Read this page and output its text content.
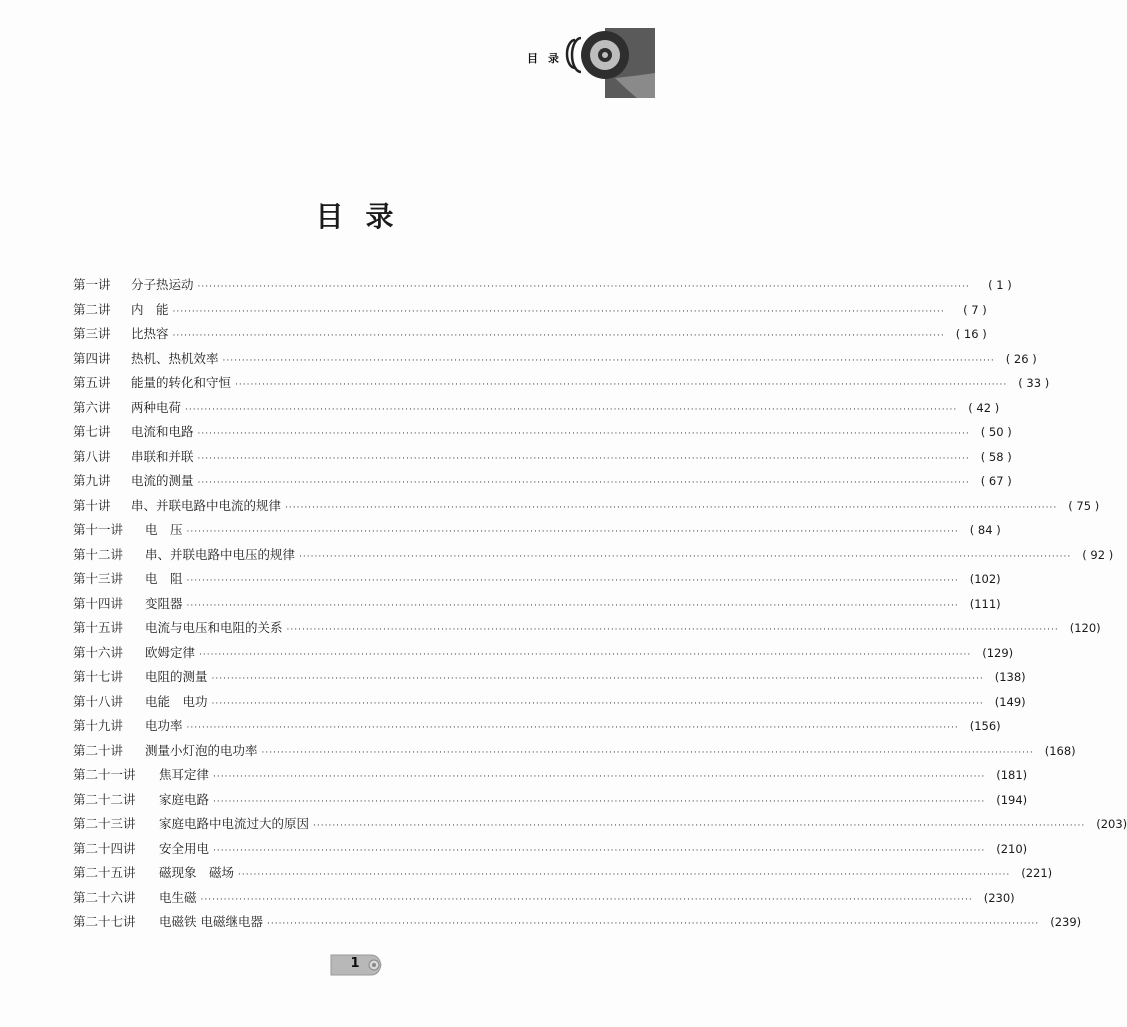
目录
目录
第一讲	分子热运动 ········································································································································································································	( 1 )
第二讲	内　能 ········································································································································································································	( 7 )
第三讲	比热容 ········································································································································································································ ( 16 )
第四讲	热机、热机效率 ········································································································································································································ ( 26 )
第五讲	能量的转化和守恒 ········································································································································································································ ( 33 )
第六讲	两种电荷 ········································································································································································································ ( 42 )
第七讲	电流和电路 ········································································································································································································ ( 50 )
第八讲	串联和并联 ········································································································································································································ ( 58 )
第九讲	电流的测量 ········································································································································································································ ( 67 )
第十讲	串、并联电路中电流的规律 ········································································································································································································ ( 75 )
第十一讲	电　压 ········································································································································································································ ( 84 )
第十二讲	串、并联电路中电压的规律 ········································································································································································································ ( 92 )
第十三讲	电　阻 ········································································································································································································ (102)
第十四讲	变阻器 ········································································································································································································ (111)
第十五讲	电流与电压和电阻的关系 ········································································································································································································ (120)
第十六讲	欧姆定律 ········································································································································································································ (129)
第十七讲	电阻的测量 ········································································································································································································ (138)
第十八讲	电能　电功 ········································································································································································································ (149)
第十九讲	电功率 ········································································································································································································ (156)
第二十讲	测量小灯泡的电功率 ········································································································································································································ (168)
第二十一讲	焦耳定律 ········································································································································································································ (181)
第二十二讲	家庭电路 ········································································································································································································ (194)
第二十三讲	家庭电路中电流过大的原因 ········································································································································································································ (203)
第二十四讲	安全用电 ········································································································································································································ (210)
第二十五讲	磁现象　磁场 ········································································································································································································ (221)
第二十六讲	电生磁 ········································································································································································································ (230)
第二十七讲	电磁铁 电磁继电器 ········································································································································································································ (239)
1
